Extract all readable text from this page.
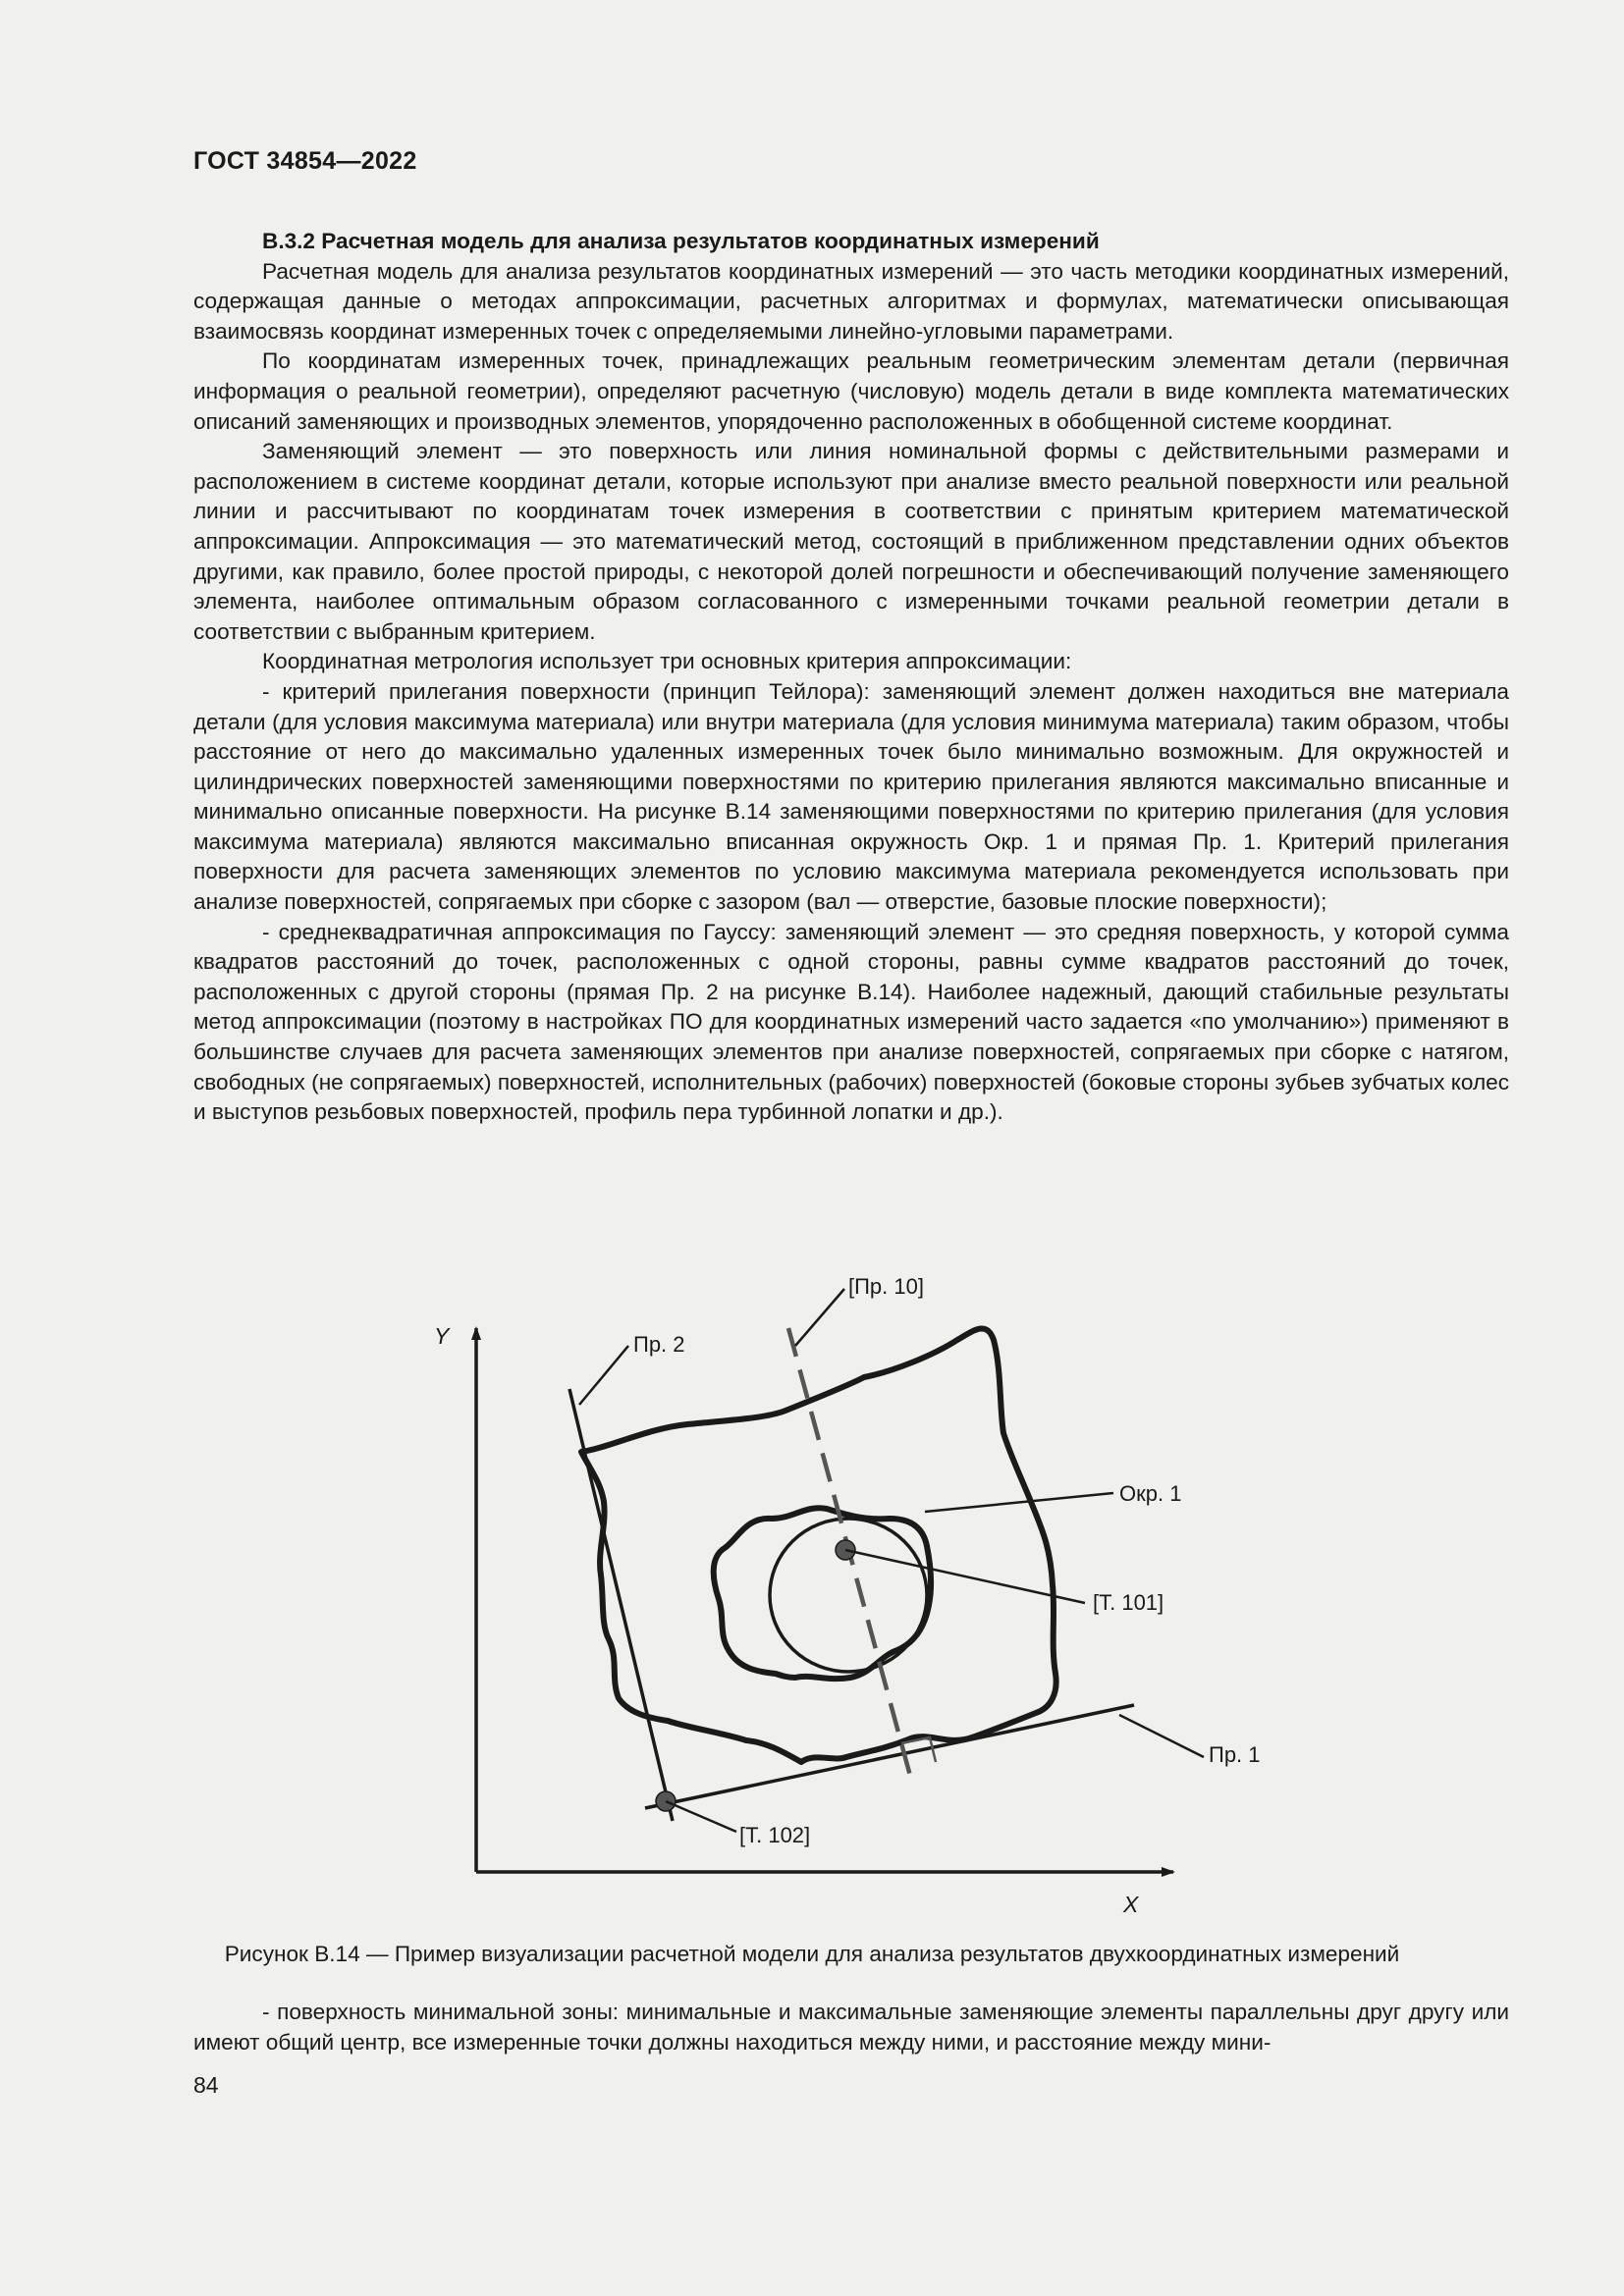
ГОСТ 34854—2022

В.3.2 Расчетная модель для анализа результатов координатных измерений

Расчетная модель для анализа результатов координатных измерений — это часть методики координатных измерений, содержащая данные о методах аппроксимации, расчетных алгоритмах и формулах, математически описывающая взаимосвязь координат измеренных точек с определяемыми линейно-угловыми параметрами.

По координатам измеренных точек, принадлежащих реальным геометрическим элементам детали (первичная информация о реальной геометрии), определяют расчетную (числовую) модель детали в виде комплекта математических описаний заменяющих и производных элементов, упорядоченно расположенных в обобщенной системе координат.

Заменяющий элемент — это поверхность или линия номинальной формы с действительными размерами и расположением в системе координат детали, которые используют при анализе вместо реальной поверхности или реальной линии и рассчитывают по координатам точек измерения в соответствии с принятым критерием математической аппроксимации. Аппроксимация — это математический метод, состоящий в приближенном представлении одних объектов другими, как правило, более простой природы, с некоторой долей погрешности и обеспечивающий получение заменяющего элемента, наиболее оптимальным образом согласованного с измеренными точками реальной геометрии детали в соответствии с выбранным критерием.

Координатная метрология использует три основных критерия аппроксимации:

- критерий прилегания поверхности (принцип Тейлора): заменяющий элемент должен находиться вне материала детали (для условия максимума материала) или внутри материала (для условия минимума материала) таким образом, чтобы расстояние от него до максимально удаленных измеренных точек было минимально возможным. Для окружностей и цилиндрических поверхностей заменяющими поверхностями по критерию прилегания являются максимально вписанные и минимально описанные поверхности. На рисунке В.14 заменяющими поверхностями по критерию прилегания (для условия максимума материала) являются максимально вписанная окружность Окр. 1 и прямая Пр. 1. Критерий прилегания поверхности для расчета заменяющих элементов по условию максимума материала рекомендуется использовать при анализе поверхностей, сопрягаемых при сборке с зазором (вал — отверстие, базовые плоские поверхности);

- среднеквадратичная аппроксимация по Гауссу: заменяющий элемент — это средняя поверхность, у которой сумма квадратов расстояний до точек, расположенных с одной стороны, равны сумме квадратов расстояний до точек, расположенных с другой стороны (прямая Пр. 2 на рисунке В.14). Наиболее надежный, дающий стабильные результаты метод аппроксимации (поэтому в настройках ПО для координатных измерений часто задается «по умолчанию») применяют в большинстве случаев для расчета заменяющих элементов при анализе поверхностей, сопрягаемых при сборке с натягом, свободных (не сопрягаемых) поверхностей, исполнительных (рабочих) поверхностей (боковые стороны зубьев зубчатых колес и выступов резьбовых поверхностей, профиль пера турбинной лопатки и др.).

Y
X
Пр. 2
[Пр. 10]
Окр. 1
[Т. 101]
Пр. 1
[Т. 102]
Рисунок В.14 — Пример визуализации расчетной модели для анализа результатов двухкоординатных измерений

- поверхность минимальной зоны: минимальные и максимальные заменяющие элементы параллельны друг другу или имеют общий центр, все измеренные точки должны находиться между ними, и расстояние между мини-

84
